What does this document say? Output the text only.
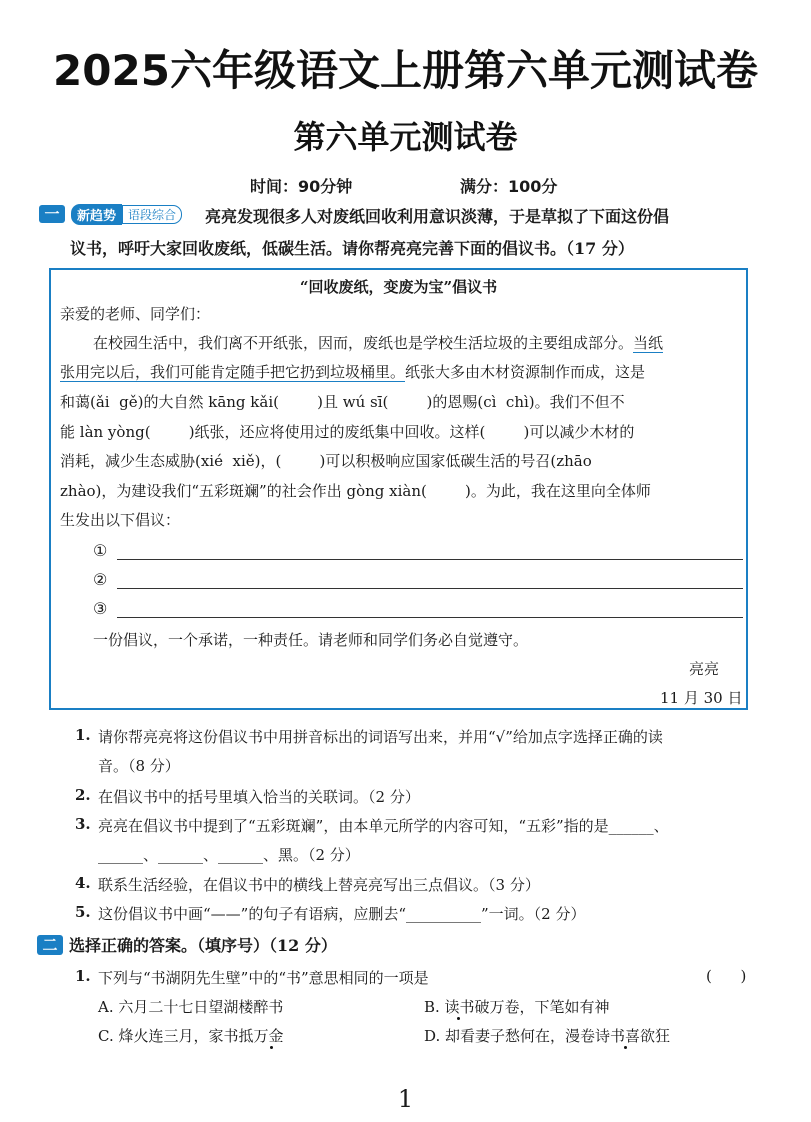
2025六年级语文上册第六单元测试卷
第六单元测试卷
时间：90分钟	满分：100分
一	新趋势	语段综合	亮亮发现很多人对废纸回收利用意识淡薄，于是草拟了下面这份倡
议书，呼吁大家回收废纸，低碳生活。请你帮亮亮完善下面的倡议书。（17 分）
“回收废纸，变废为宝”倡议书
亲爱的老师、同学们：
在校园生活中，我们离不开纸张，因而，废纸也是学校生活垃圾的主要组成部分。当纸
张用完以后，我们可能肯定随手把它扔到垃圾桶里。纸张大多由木材资源制作而成，这是
和蔼(ǎi  gě)的大自然 kāng kǎi(        )且 wú sī(        )的恩赐(cì  chì)。我们不但不
能 làn yòng(        )纸张，还应将使用过的废纸集中回收。这样(        )可以减少木材的
消耗，减少生态威胁(xié  xiě)，(        )可以积极响应国家低碳生活的号召(zhāo
zhào)，为建设我们“五彩斑斓”的社会作出 gòng xiàn(        )。为此，我在这里向全体师
生发出以下倡议：
①
②
③
一份倡议，一个承诺，一种责任。请老师和同学们务必自觉遵守。
亮亮
11 月 30 日
1. 请你帮亮亮将这份倡议书中用拼音标出的词语写出来，并用“√”给加点字选择正确的读
音。（8 分）
2. 在倡议书中的括号里填入恰当的关联词。（2 分）
3. 亮亮在倡议书中提到了“五彩斑斓”，由本单元所学的内容可知，“五彩”指的是______、
______、______、______、黑。（2 分）
4. 联系生活经验，在倡议书中的横线上替亮亮写出三点倡议。（3 分）
5. 这份倡议书中画“——”的句子有语病，应删去“__________”一词。（2 分）
二 选择正确的答案。（填序号）（12 分）
1. 下列与“书湖阴先生壁”中的“书”意思相同的一项是	(      )
A. 六月二十七日望湖楼醉书	B. 读书破万卷，下笔如有神
C. 烽火连三月，家书抵万金	D. 却看妻子愁何在，漫卷诗书喜欲狂
1
